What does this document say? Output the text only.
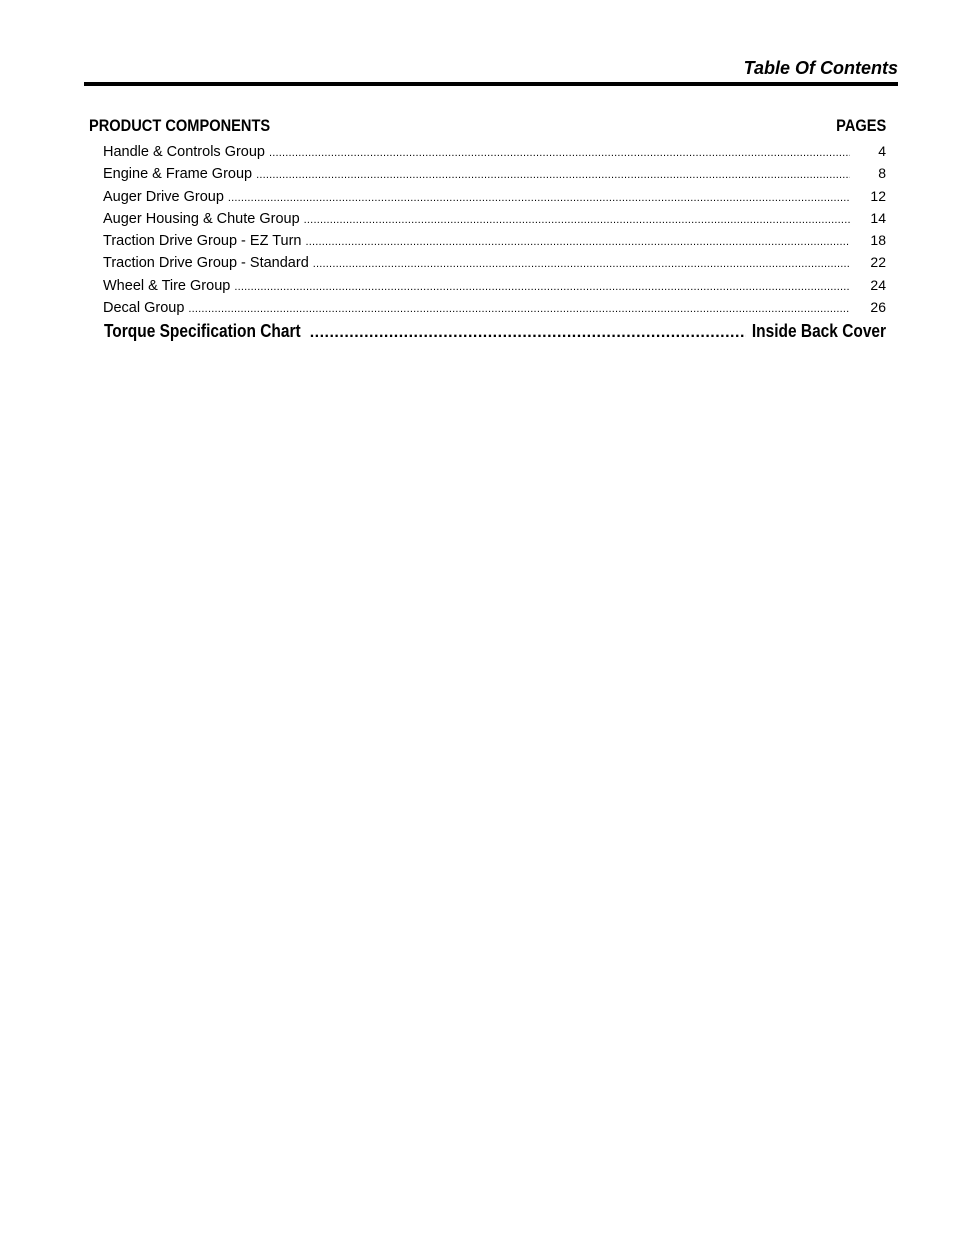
Table Of Contents
PRODUCT COMPONENTS	PAGES
Handle & Controls Group .....	4
Engine & Frame Group .....	8
Auger Drive Group .....	12
Auger Housing & Chute Group .....	14
Traction Drive Group - EZ Turn .....	18
Traction Drive Group - Standard .....	22
Wheel & Tire Group .....	24
Decal Group .....	26
Torque Specification Chart .....	Inside Back Cover
